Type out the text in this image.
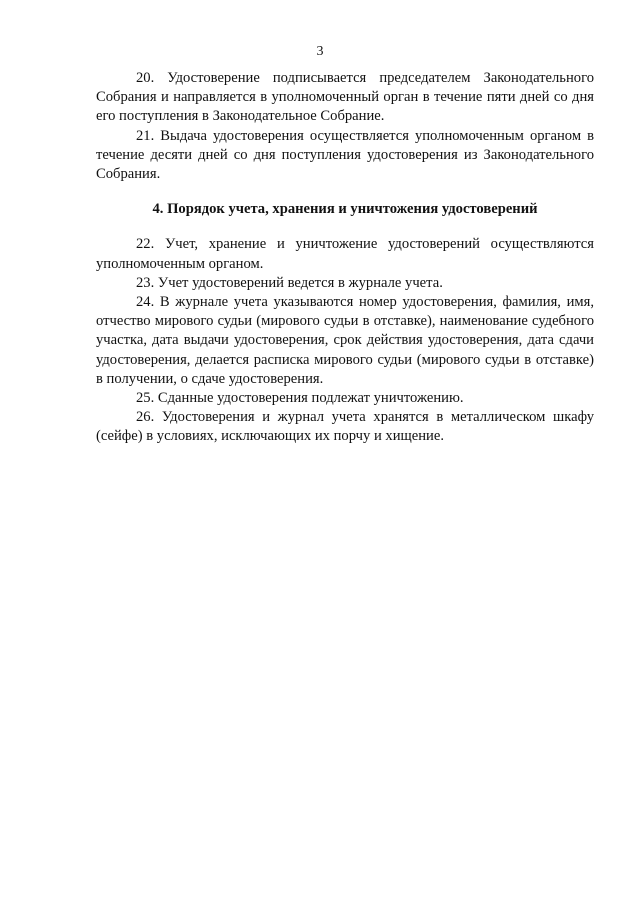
3

20. Удостоверение подписывается председателем Законодательного Собрания и направляется в уполномоченный орган в течение пяти дней со дня его поступления в Законодательное Собрание.

21. Выдача удостоверения осуществляется уполномоченным органом в течение десяти дней со дня поступления удостоверения из Законодательного Собрания.

4. Порядок учета, хранения и уничтожения удостоверений

22. Учет, хранение и уничтожение удостоверений осуществляются уполномоченным органом.

23. Учет удостоверений ведется в журнале учета.

24. В журнале учета указываются номер удостоверения, фамилия, имя, отчество мирового судьи (мирового судьи в отставке), наименование судебного участка, дата выдачи удостоверения, срок действия удостоверения, дата сдачи удостоверения, делается расписка мирового судьи (мирового судьи в отставке) в получении, о сдаче удостоверения.

25. Сданные удостоверения подлежат уничтожению.

26. Удостоверения и журнал учета хранятся в металлическом шкафу (сейфе) в условиях, исключающих их порчу и хищение.
